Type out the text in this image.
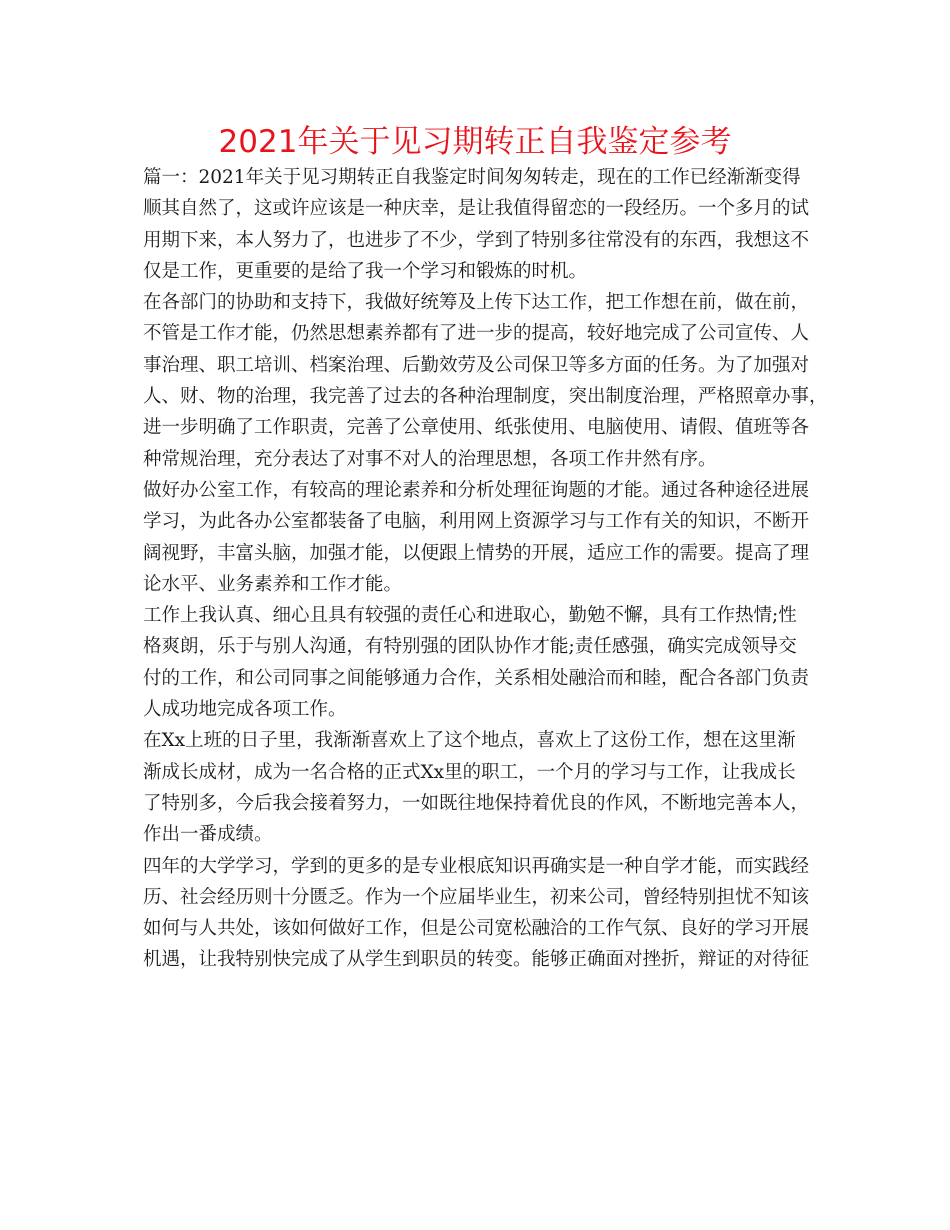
2021年关于见习期转正自我鉴定参考
篇一：2021年关于见习期转正自我鉴定时间匆匆转走，现在的工作已经渐渐变得
顺其自然了，这或许应该是一种庆幸，是让我值得留恋的一段经历。一个多月的试
用期下来，本人努力了，也进步了不少，学到了特别多往常没有的东西，我想这不
仅是工作，更重要的是给了我一个学习和锻炼的时机。
在各部门的协助和支持下，我做好统筹及上传下达工作，把工作想在前，做在前，
不管是工作才能，仍然思想素养都有了进一步的提高，较好地完成了公司宣传、人
事治理、职工培训、档案治理、后勤效劳及公司保卫等多方面的任务。为了加强对
人、财、物的治理，我完善了过去的各种治理制度，突出制度治理，严格照章办事，
进一步明确了工作职责，完善了公章使用、纸张使用、电脑使用、请假、值班等各
种常规治理，充分表达了对事不对人的治理思想，各项工作井然有序。
做好办公室工作，有较高的理论素养和分析处理征询题的才能。通过各种途径进展
学习，为此各办公室都装备了电脑，利用网上资源学习与工作有关的知识，不断开
阔视野，丰富头脑，加强才能，以便跟上情势的开展，适应工作的需要。提高了理
论水平、业务素养和工作才能。
工作上我认真、细心且具有较强的责任心和进取心，勤勉不懈，具有工作热情;性
格爽朗，乐于与别人沟通，有特别强的团队协作才能;责任感强，确实完成领导交
付的工作，和公司同事之间能够通力合作，关系相处融洽而和睦，配合各部门负责
人成功地完成各项工作。
在Xx上班的日子里，我渐渐喜欢上了这个地点，喜欢上了这份工作，想在这里渐
渐成长成材，成为一名合格的正式Xx里的职工，一个月的学习与工作，让我成长
了特别多，今后我会接着努力，一如既往地保持着优良的作风，不断地完善本人，
作出一番成绩。
四年的大学学习，学到的更多的是专业根底知识再确实是一种自学才能，而实践经
历、社会经历则十分匮乏。作为一个应届毕业生，初来公司，曾经特别担忧不知该
如何与人共处，该如何做好工作，但是公司宽松融洽的工作气氛、良好的学习开展
机遇，让我特别快完成了从学生到职员的转变。能够正确面对挫折，辩证的对待征
